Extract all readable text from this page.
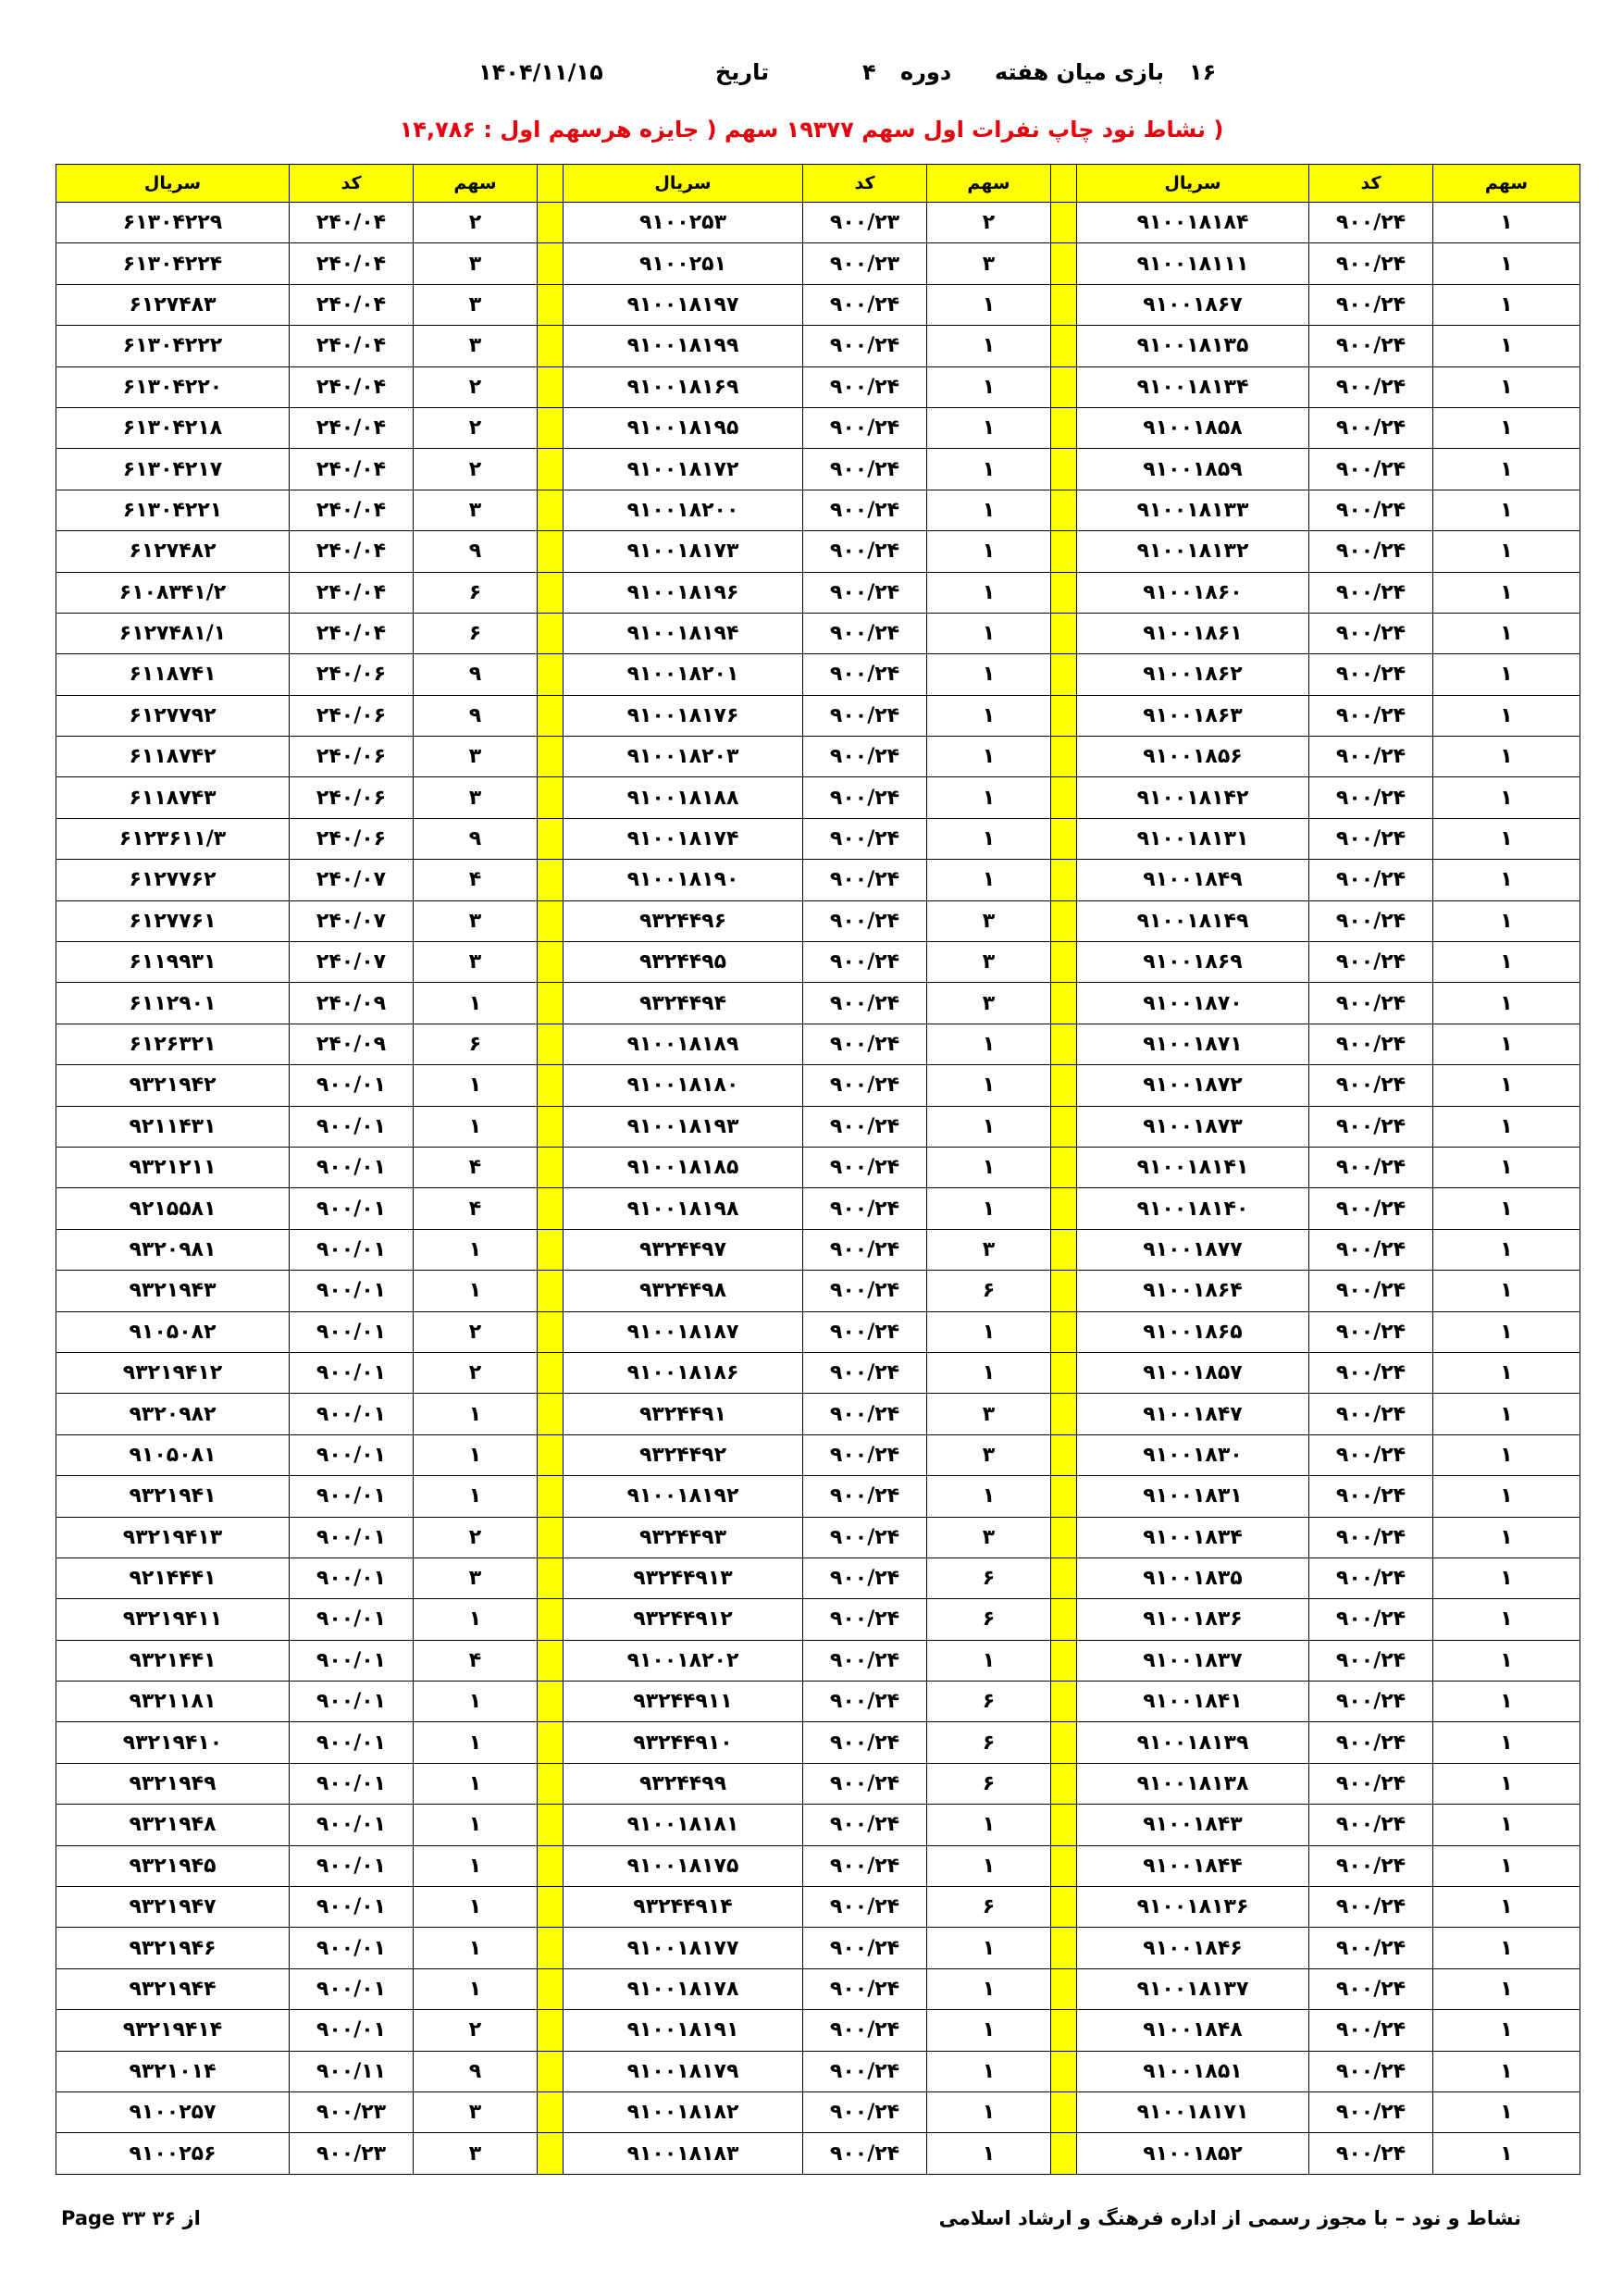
۱۶
بازی میان هفته
دوره
۴
تاریخ
۱۴۰۴/۱۱/۱۵
( نشاط نود چاپ نفرات اول سهم ۱۹۳۷۷ سهم ( جایزه هرسهم اول : ۱۴,۷۸۶
سهم	کد	سریال		سهم	کد	سریال		سهم	کد	سریال
۱	۹۰۰/۲۴	۹۱۰۰۱۸۱۸۴		۲	۹۰۰/۲۳	۹۱۰۰۲۵۳		۲	۲۴۰/۰۴	۶۱۳۰۴۲۲۹
۱	۹۰۰/۲۴	۹۱۰۰۱۸۱۱۱		۳	۹۰۰/۲۳	۹۱۰۰۲۵۱		۳	۲۴۰/۰۴	۶۱۳۰۴۲۲۴
۱	۹۰۰/۲۴	۹۱۰۰۱۸۶۷		۱	۹۰۰/۲۴	۹۱۰۰۱۸۱۹۷		۳	۲۴۰/۰۴	۶۱۲۷۴۸۳
۱	۹۰۰/۲۴	۹۱۰۰۱۸۱۳۵		۱	۹۰۰/۲۴	۹۱۰۰۱۸۱۹۹		۳	۲۴۰/۰۴	۶۱۳۰۴۲۲۲
۱	۹۰۰/۲۴	۹۱۰۰۱۸۱۳۴		۱	۹۰۰/۲۴	۹۱۰۰۱۸۱۶۹		۲	۲۴۰/۰۴	۶۱۳۰۴۲۲۰
۱	۹۰۰/۲۴	۹۱۰۰۱۸۵۸		۱	۹۰۰/۲۴	۹۱۰۰۱۸۱۹۵		۲	۲۴۰/۰۴	۶۱۳۰۴۲۱۸
۱	۹۰۰/۲۴	۹۱۰۰۱۸۵۹		۱	۹۰۰/۲۴	۹۱۰۰۱۸۱۷۲		۲	۲۴۰/۰۴	۶۱۳۰۴۲۱۷
۱	۹۰۰/۲۴	۹۱۰۰۱۸۱۳۳		۱	۹۰۰/۲۴	۹۱۰۰۱۸۲۰۰		۳	۲۴۰/۰۴	۶۱۳۰۴۲۲۱
۱	۹۰۰/۲۴	۹۱۰۰۱۸۱۳۲		۱	۹۰۰/۲۴	۹۱۰۰۱۸۱۷۳		۹	۲۴۰/۰۴	۶۱۲۷۴۸۲
۱	۹۰۰/۲۴	۹۱۰۰۱۸۶۰		۱	۹۰۰/۲۴	۹۱۰۰۱۸۱۹۶		۶	۲۴۰/۰۴	۶۱۰۸۳۴۱/۲
۱	۹۰۰/۲۴	۹۱۰۰۱۸۶۱		۱	۹۰۰/۲۴	۹۱۰۰۱۸۱۹۴		۶	۲۴۰/۰۴	۶۱۲۷۴۸۱/۱
۱	۹۰۰/۲۴	۹۱۰۰۱۸۶۲		۱	۹۰۰/۲۴	۹۱۰۰۱۸۲۰۱		۹	۲۴۰/۰۶	۶۱۱۸۷۴۱
۱	۹۰۰/۲۴	۹۱۰۰۱۸۶۳		۱	۹۰۰/۲۴	۹۱۰۰۱۸۱۷۶		۹	۲۴۰/۰۶	۶۱۲۷۷۹۲
۱	۹۰۰/۲۴	۹۱۰۰۱۸۵۶		۱	۹۰۰/۲۴	۹۱۰۰۱۸۲۰۳		۳	۲۴۰/۰۶	۶۱۱۸۷۴۲
۱	۹۰۰/۲۴	۹۱۰۰۱۸۱۴۲		۱	۹۰۰/۲۴	۹۱۰۰۱۸۱۸۸		۳	۲۴۰/۰۶	۶۱۱۸۷۴۳
۱	۹۰۰/۲۴	۹۱۰۰۱۸۱۳۱		۱	۹۰۰/۲۴	۹۱۰۰۱۸۱۷۴		۹	۲۴۰/۰۶	۶۱۲۳۶۱۱/۳
۱	۹۰۰/۲۴	۹۱۰۰۱۸۴۹		۱	۹۰۰/۲۴	۹۱۰۰۱۸۱۹۰		۴	۲۴۰/۰۷	۶۱۲۷۷۶۲
۱	۹۰۰/۲۴	۹۱۰۰۱۸۱۴۹		۳	۹۰۰/۲۴	۹۳۲۴۴۹۶		۳	۲۴۰/۰۷	۶۱۲۷۷۶۱
۱	۹۰۰/۲۴	۹۱۰۰۱۸۶۹		۳	۹۰۰/۲۴	۹۳۲۴۴۹۵		۳	۲۴۰/۰۷	۶۱۱۹۹۳۱
۱	۹۰۰/۲۴	۹۱۰۰۱۸۷۰		۳	۹۰۰/۲۴	۹۳۲۴۴۹۴		۱	۲۴۰/۰۹	۶۱۱۲۹۰۱
۱	۹۰۰/۲۴	۹۱۰۰۱۸۷۱		۱	۹۰۰/۲۴	۹۱۰۰۱۸۱۸۹		۶	۲۴۰/۰۹	۶۱۲۶۳۲۱
۱	۹۰۰/۲۴	۹۱۰۰۱۸۷۲		۱	۹۰۰/۲۴	۹۱۰۰۱۸۱۸۰		۱	۹۰۰/۰۱	۹۳۲۱۹۴۲
۱	۹۰۰/۲۴	۹۱۰۰۱۸۷۳		۱	۹۰۰/۲۴	۹۱۰۰۱۸۱۹۳		۱	۹۰۰/۰۱	۹۲۱۱۴۳۱
۱	۹۰۰/۲۴	۹۱۰۰۱۸۱۴۱		۱	۹۰۰/۲۴	۹۱۰۰۱۸۱۸۵		۴	۹۰۰/۰۱	۹۳۲۱۲۱۱
۱	۹۰۰/۲۴	۹۱۰۰۱۸۱۴۰		۱	۹۰۰/۲۴	۹۱۰۰۱۸۱۹۸		۴	۹۰۰/۰۱	۹۲۱۵۵۸۱
۱	۹۰۰/۲۴	۹۱۰۰۱۸۷۷		۳	۹۰۰/۲۴	۹۳۲۴۴۹۷		۱	۹۰۰/۰۱	۹۳۲۰۹۸۱
۱	۹۰۰/۲۴	۹۱۰۰۱۸۶۴		۶	۹۰۰/۲۴	۹۳۲۴۴۹۸		۱	۹۰۰/۰۱	۹۳۲۱۹۴۳
۱	۹۰۰/۲۴	۹۱۰۰۱۸۶۵		۱	۹۰۰/۲۴	۹۱۰۰۱۸۱۸۷		۲	۹۰۰/۰۱	۹۱۰۵۰۸۲
۱	۹۰۰/۲۴	۹۱۰۰۱۸۵۷		۱	۹۰۰/۲۴	۹۱۰۰۱۸۱۸۶		۲	۹۰۰/۰۱	۹۳۲۱۹۴۱۲
۱	۹۰۰/۲۴	۹۱۰۰۱۸۴۷		۳	۹۰۰/۲۴	۹۳۲۴۴۹۱		۱	۹۰۰/۰۱	۹۳۲۰۹۸۲
۱	۹۰۰/۲۴	۹۱۰۰۱۸۳۰		۳	۹۰۰/۲۴	۹۳۲۴۴۹۲		۱	۹۰۰/۰۱	۹۱۰۵۰۸۱
۱	۹۰۰/۲۴	۹۱۰۰۱۸۳۱		۱	۹۰۰/۲۴	۹۱۰۰۱۸۱۹۲		۱	۹۰۰/۰۱	۹۳۲۱۹۴۱
۱	۹۰۰/۲۴	۹۱۰۰۱۸۳۴		۳	۹۰۰/۲۴	۹۳۲۴۴۹۳		۲	۹۰۰/۰۱	۹۳۲۱۹۴۱۳
۱	۹۰۰/۲۴	۹۱۰۰۱۸۳۵		۶	۹۰۰/۲۴	۹۳۲۴۴۹۱۳		۳	۹۰۰/۰۱	۹۲۱۴۴۴۱
۱	۹۰۰/۲۴	۹۱۰۰۱۸۳۶		۶	۹۰۰/۲۴	۹۳۲۴۴۹۱۲		۱	۹۰۰/۰۱	۹۳۲۱۹۴۱۱
۱	۹۰۰/۲۴	۹۱۰۰۱۸۳۷		۱	۹۰۰/۲۴	۹۱۰۰۱۸۲۰۲		۴	۹۰۰/۰۱	۹۳۲۱۴۴۱
۱	۹۰۰/۲۴	۹۱۰۰۱۸۴۱		۶	۹۰۰/۲۴	۹۳۲۴۴۹۱۱		۱	۹۰۰/۰۱	۹۳۲۱۱۸۱
۱	۹۰۰/۲۴	۹۱۰۰۱۸۱۳۹		۶	۹۰۰/۲۴	۹۳۲۴۴۹۱۰		۱	۹۰۰/۰۱	۹۳۲۱۹۴۱۰
۱	۹۰۰/۲۴	۹۱۰۰۱۸۱۳۸		۶	۹۰۰/۲۴	۹۳۲۴۴۹۹		۱	۹۰۰/۰۱	۹۳۲۱۹۴۹
۱	۹۰۰/۲۴	۹۱۰۰۱۸۴۳		۱	۹۰۰/۲۴	۹۱۰۰۱۸۱۸۱		۱	۹۰۰/۰۱	۹۳۲۱۹۴۸
۱	۹۰۰/۲۴	۹۱۰۰۱۸۴۴		۱	۹۰۰/۲۴	۹۱۰۰۱۸۱۷۵		۱	۹۰۰/۰۱	۹۳۲۱۹۴۵
۱	۹۰۰/۲۴	۹۱۰۰۱۸۱۳۶		۶	۹۰۰/۲۴	۹۳۲۴۴۹۱۴		۱	۹۰۰/۰۱	۹۳۲۱۹۴۷
۱	۹۰۰/۲۴	۹۱۰۰۱۸۴۶		۱	۹۰۰/۲۴	۹۱۰۰۱۸۱۷۷		۱	۹۰۰/۰۱	۹۳۲۱۹۴۶
۱	۹۰۰/۲۴	۹۱۰۰۱۸۱۳۷		۱	۹۰۰/۲۴	۹۱۰۰۱۸۱۷۸		۱	۹۰۰/۰۱	۹۳۲۱۹۴۴
۱	۹۰۰/۲۴	۹۱۰۰۱۸۴۸		۱	۹۰۰/۲۴	۹۱۰۰۱۸۱۹۱		۲	۹۰۰/۰۱	۹۳۲۱۹۴۱۴
۱	۹۰۰/۲۴	۹۱۰۰۱۸۵۱		۱	۹۰۰/۲۴	۹۱۰۰۱۸۱۷۹		۹	۹۰۰/۱۱	۹۳۲۱۰۱۴
۱	۹۰۰/۲۴	۹۱۰۰۱۸۱۷۱		۱	۹۰۰/۲۴	۹۱۰۰۱۸۱۸۲		۳	۹۰۰/۲۳	۹۱۰۰۲۵۷
۱	۹۰۰/۲۴	۹۱۰۰۱۸۵۲		۱	۹۰۰/۲۴	۹۱۰۰۱۸۱۸۳		۳	۹۰۰/۲۳	۹۱۰۰۲۵۶
Page ۳۳ از ۳۶	نشاط و نود – با مجوز رسمی از اداره فرهنگ و ارشاد اسلامی
